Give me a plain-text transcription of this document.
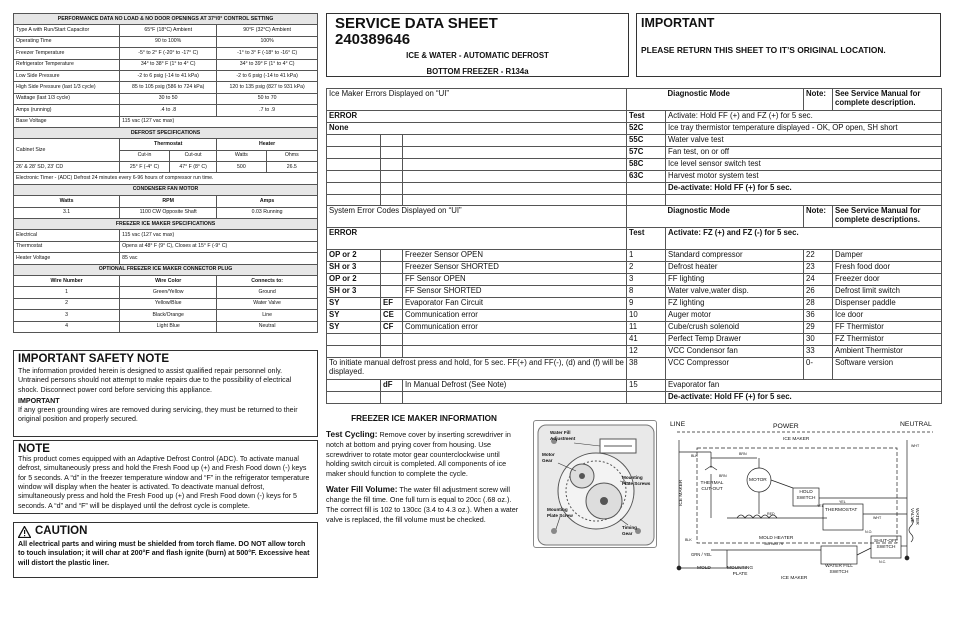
PERFORMANCE DATA NO LOAD & NO DOOR OPENINGS AT 37°/0° CONTROL SETTING				
Type A with Run/Start Capacitor	65°F (18°C) Ambient		90°F (32°C) Ambient	
Operating Time	90 to 100%		100%	
Freezer Temperature	-5° to 2° F (-20° to -17° C)		-1° to 3° F (-18° to -16° C)	
Refrigerator Temperature	34° to 38° F (1° to 4° C)		34° to 39° F (1° to 4° C)	
Low Side Pressure	-2 to 6 psig (-14 to 41 kPa)		-2 to 6 psig (-14 to 41 kPa)	
High Side Pressure (last 1/3 cycle)	85 to 105 psig (586 to 724 kPa)		120 to 135 psig (827 to 931 kPa)	
Wattage (last 1/3 cycle)	30 to 50		50 to 70	
Amps (running)	.4 to .8		.7 to .9	
Base Voltage	115 vac (127 vac max)			
DEFROST SPECIFICATIONS				
Cabinet Size	Thermostat		Heater	
	Cut-in	Cut-out	Watts	Ohms
26' & 28' SD, 23' CD	25° F (-4° C)	47° F (8° C)	500	26.5
Electronic Timer - (ADC) Defrost 24 minutes every 6-96 hours of compressor run time.				
CONDENSER FAN MOTOR				
Watts	RPM		Amps	
3.1	1100 CW Opposite Shaft		0.03 Running	
FREEZER ICE MAKER SPECIFICATIONS				
Electrical	115 vac (127 vac max)			
Thermostat	Opens at 48° F (9° C), Closes at 15° F (-9° C)			
Heater Voltage	85 vac			
OPTIONAL FREEZER ICE MAKER CONNECTOR PLUG				
Wire Number	Wire Color		Connects to:	
1	Green/Yellow		Ground	
2	Yellow/Blue		Water Valve	
3	Black/Orange		Line	
4	Light Blue		Neutral	
IMPORTANT SAFETY NOTE
The information provided herein is designed to assist qualified repair personnel only. Untrained persons should not attempt to make repairs due to the possibility of electrical shock. Disconnect power cord before servicing this appliance.
IMPORTANT
If any green grounding wires are removed during servicing, they must be returned to their original position and properly secured.
NOTE
This product comes equipped with an Adaptive Defrost Control (ADC). To activate manual defrost, simultaneously press and hold the Fresh Food up (+) and Fresh Food down (-) keys for 5 seconds. A “d” in the freezer temperature window and “F” in the refrigerator temperature window will display when the heater is activated. To deactivate manual defrost, simultaneously press and hold the Fresh Food up (+) and Fresh Food down (-) keys for 5 seconds. A “d” and “F” will be displayed until the defrost cycle is complete.
CAUTION
All electrical parts and wiring must be shielded from torch flame. DO NOT allow torch to touch insulation; it will char at 200°F and flash ignite (burn) at 500°F. Excessive heat will distort the plastic liner.
SERVICE DATA SHEET
240389646
ICE & WATER - AUTOMATIC DEFROST
BOTTOM FREEZER - R134a
IMPORTANT
PLEASE RETURN THIS SHEET TO IT’S ORIGINAL LOCATION.
Ice Maker Errors Displayed on “UI”				Diagnostic Mode	Note:	See Service Manual for complete description.
ERROR			Test	Activate: Hold FF (+) and FZ (+) for 5 sec.		
None			52C	Ice tray thermistor temperature displayed - OK, OP open, SH short		
			55C	Water valve test		
			57C	Fan test, on or off		
			58C	Ice level sensor switch test		
			63C	Harvest motor system test		
				De-activate: Hold FF (+) for 5 sec.		

System Error Codes Displayed on “UI”				Diagnostic Mode	Note:	See Service Manual for complete descriptions.
ERROR			Test	Activate: FZ (+) and FZ (-) for 5 sec.		
OP or 2		Freezer Sensor OPEN	1	Standard compressor	22	Damper
SH or 3		Freezer Sensor SHORTED	2	Defrost heater	23	Fresh food door
OP or 2		FF Sensor OPEN	3	FF lighting	24	Freezer door
SH or 3		FF Sensor SHORTED	8	Water valve,water disp.	26	Defrost limit switch
SY	EF	Evaporator Fan Circuit	9	FZ lighting	28	Dispenser paddle
SY	CE	Communication error	10	Auger motor	36	Ice door
SY	CF	Communication error	11	Cube/crush solenoid	29	FF Thermistor
			41	Perfect Temp Drawer	30	FZ Thermistor
			12	VCC Condensor fan	33	Ambient Thermistor
To initiate manual defrost press and hold, for 5 sec. FF(+) and FF(-), (d) and (f) will be displayed.			38	VCC Compressor	0-	Software version
	dF	In Manual Defrost (See Note)	15	Evaporator fan		
				De-activate: Hold FF (+) for 5 sec.		
FREEZER ICE MAKER INFORMATION
Test Cycling: Remove cover by inserting screwdriver in notch at bottom and prying cover from housing. Use screwdriver to rotate motor gear counterclockwise until holding switch circuit is completed. All components of ice maker should function to complete the cycle.
Water Fill Volume: The water fill adjustment screw will change the fill time. One full turn is equal to 20cc (.68 oz.). The correct fill is 102 to 130cc (3.4 to 4.3 oz.). When a water valve is replaced, the fill volume must be checked.
Water Fill Adjustment
Motor Gear
Mounting Plate Screws
Mounting Plate Screw
Timing Gear
LINE	POWER	NEUTRAL
ICE MAKER
THERMAL CUT-OUT
MOTOR
HOLD SWITCH
THERMOSTAT
MOLD HEATER
165 WATTS	SHUT-OFF SWITCH
WATER FILL SWITCH
MOLD	MOUNTING PLATE
GRN / YEL
ICE MAKER
WATER VALVE
ICE MAKER
BLK	BRN
YEL
RED
WHT
BLK
YEL
BRN
WHT
N.O.
N.C.
